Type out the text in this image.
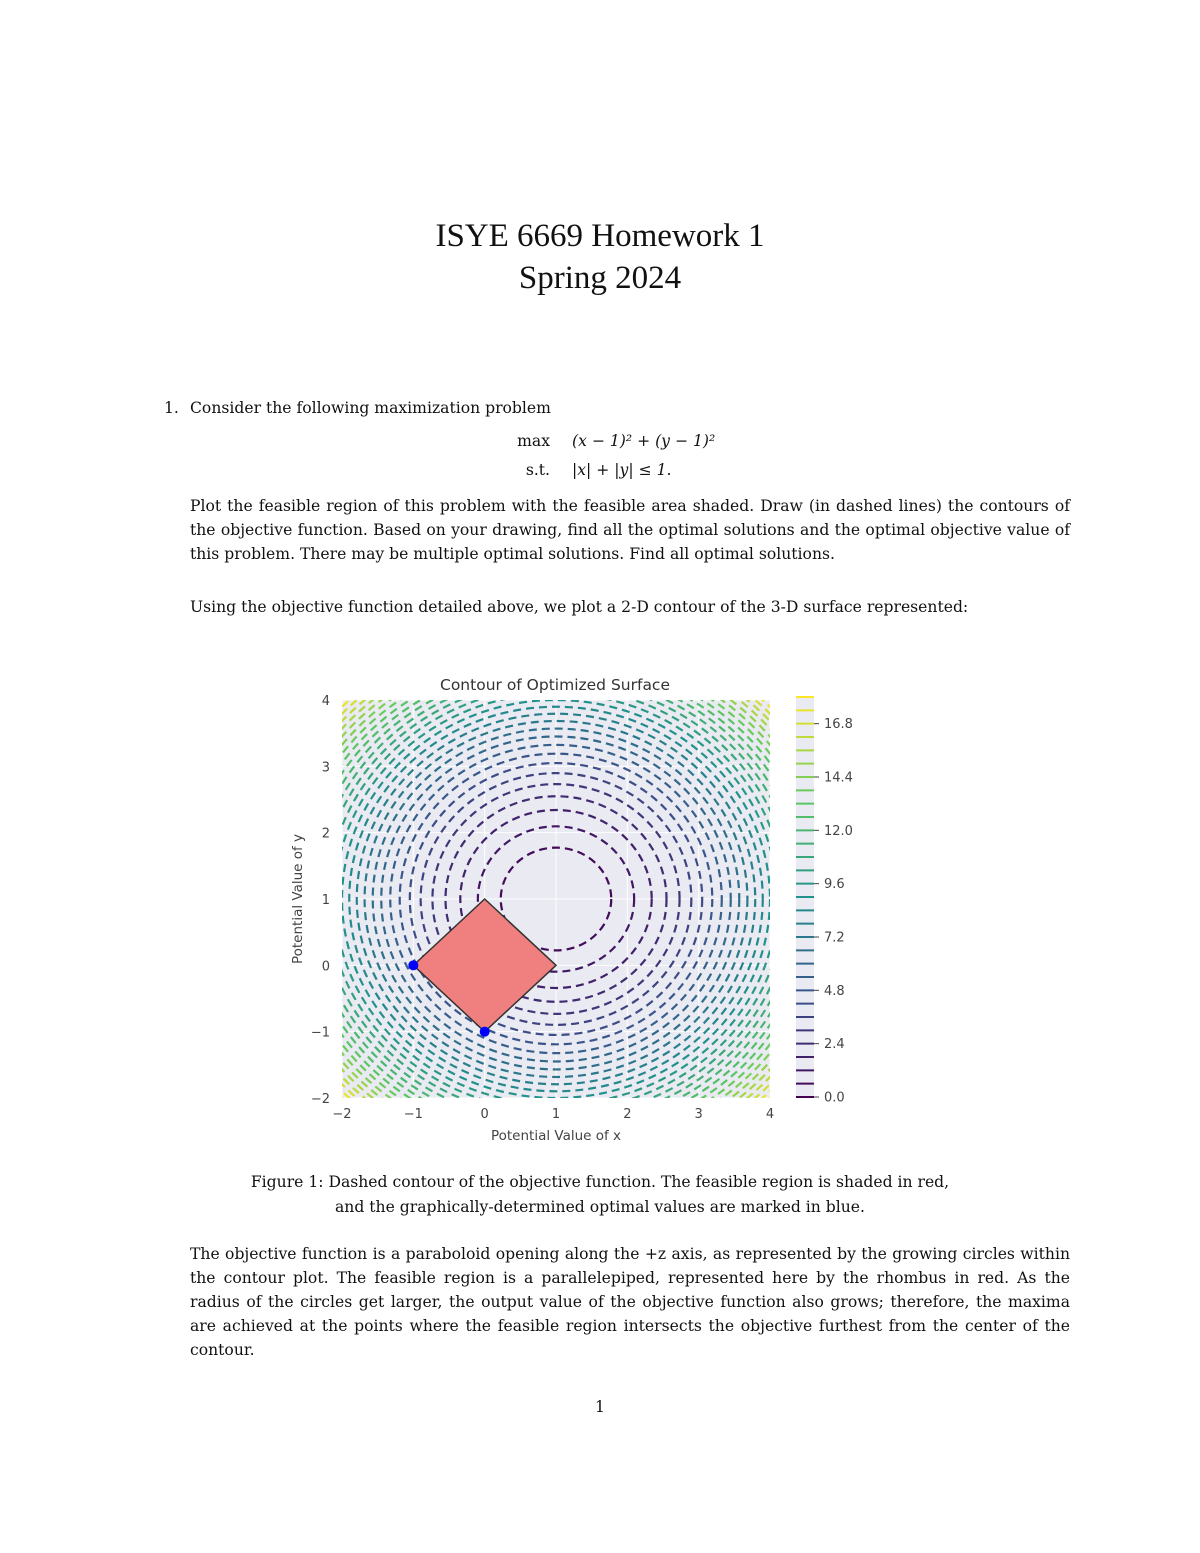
ISYE 6669 Homework 1
Spring 2024
1. Consider the following maximization problem
max (x − 1)² + (y − 1)²
s.t. |x| + |y| ≤ 1.
Plot the feasible region of this problem with the feasible area shaded. Draw (in dashed lines) the contours of the objective function. Based on your drawing, find all the optimal solutions and the optimal objective value of this problem. There may be multiple optimal solutions. Find all optimal solutions.
Using the objective function detailed above, we plot a 2-D contour of the 3-D surface represented:
Contour of Optimized Surface
−2	−1	0	1	2	3	4
−2
−1
0
1
2
3
4
Potential Value of x
Potential Value of y
0.0
2.4
4.8
7.2
9.6
12.0
14.4
16.8
Figure 1: Dashed contour of the objective function. The feasible region is shaded in red, and the graphically-determined optimal values are marked in blue.
The objective function is a paraboloid opening along the +z axis, as represented by the growing circles within the contour plot. The feasible region is a parallelepiped, represented here by the rhombus in red. As the radius of the circles get larger, the output value of the objective function also grows; therefore, the maxima are achieved at the points where the feasible region intersects the objective furthest from the center of the contour.
1
